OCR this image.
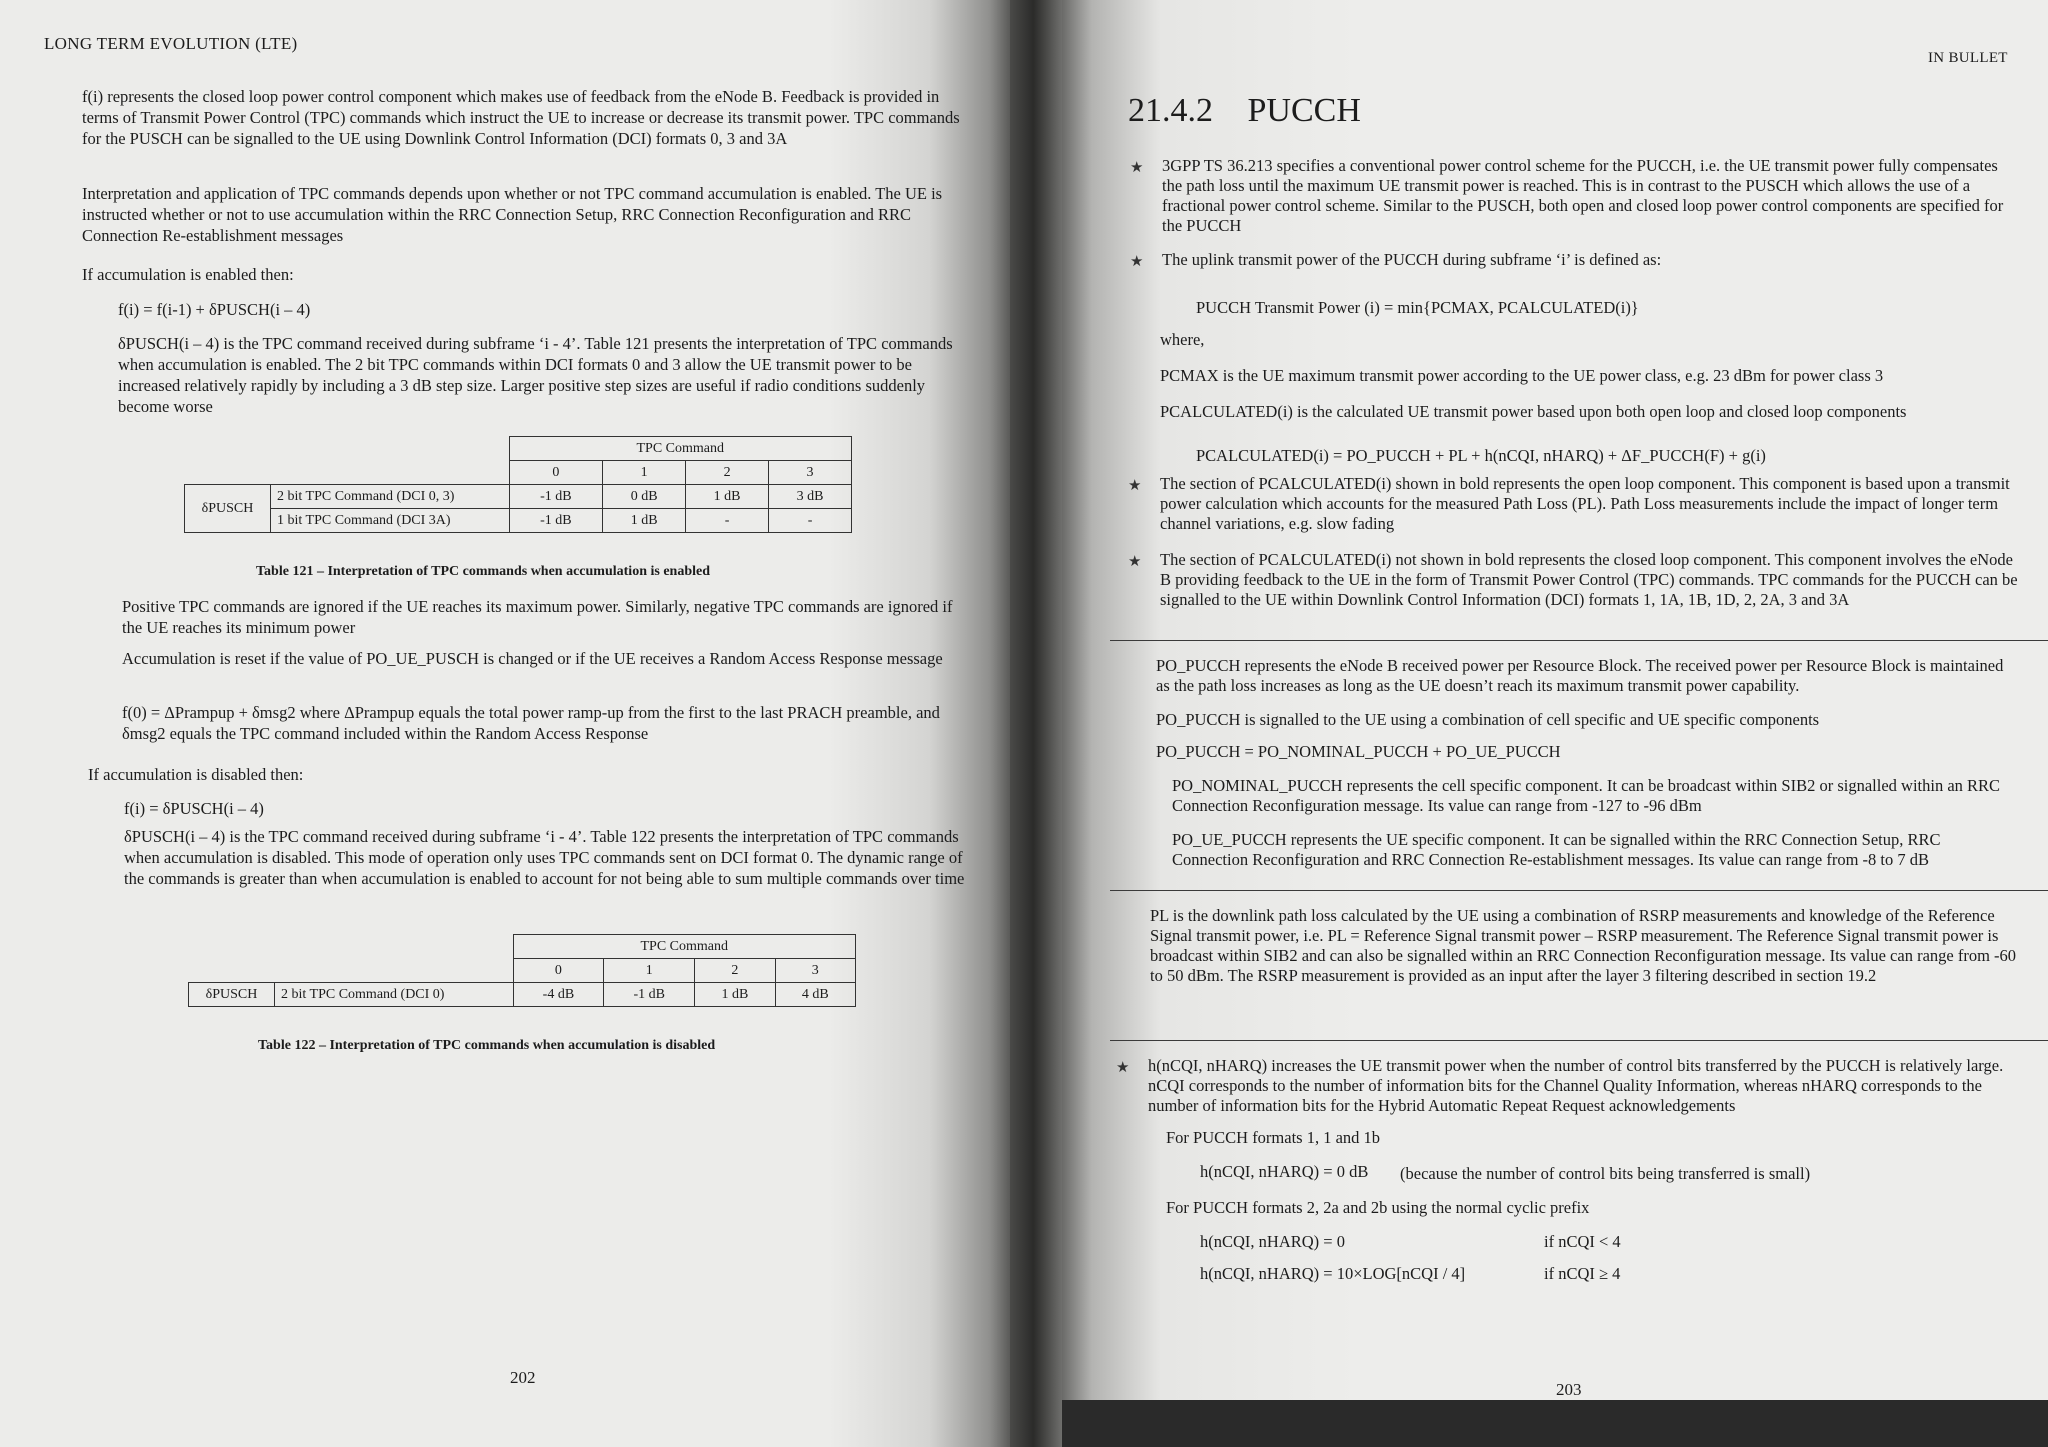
LONG TERM EVOLUTION (LTE)

f(i) represents the closed loop power control component which makes use of feedback from the eNode B. Feedback is provided in terms of Transmit Power Control (TPC) commands which instruct the UE to increase or decrease its transmit power. TPC commands for the PUSCH can be signalled to the UE using Downlink Control Information (DCI) formats 0, 3 and 3A

Interpretation and application of TPC commands depends upon whether or not TPC command accumulation is enabled. The UE is instructed whether or not to use accumulation within the RRC Connection Setup, RRC Connection Reconfiguration and RRC Connection Re-establishment messages

If accumulation is enabled then:

f(i) = f(i-1) + δPUSCH(i – 4)

δPUSCH(i – 4) is the TPC command received during subframe ‘i - 4’. Table 121 presents the interpretation of TPC commands when accumulation is enabled. The 2 bit TPC commands within DCI formats 0 and 3 allow the UE transmit power to be increased relatively rapidly by including a 3 dB step size. Larger positive step sizes are useful if radio conditions suddenly become worse

		TPC Command			
		0	1	2	3
δPUSCH	2 bit TPC Command (DCI 0, 3)	-1 dB	0 dB	1 dB	3 dB
	1 bit TPC Command (DCI 3A)	-1 dB	1 dB	-	-
Table 121 – Interpretation of TPC commands when accumulation is enabled

Positive TPC commands are ignored if the UE reaches its maximum power. Similarly, negative TPC commands are ignored if the UE reaches its minimum power

Accumulation is reset if the value of PO_UE_PUSCH is changed or if the UE receives a Random Access Response message

f(0) = ΔPrampup + δmsg2 where ΔPrampup equals the total power ramp-up from the first to the last PRACH preamble, and δmsg2 equals the TPC command included within the Random Access Response

If accumulation is disabled then:

f(i) = δPUSCH(i – 4)

δPUSCH(i – 4) is the TPC command received during subframe ‘i - 4’. Table 122 presents the interpretation of TPC commands when accumulation is disabled. This mode of operation only uses TPC commands sent on DCI format 0. The dynamic range of the commands is greater than when accumulation is enabled to account for not being able to sum multiple commands over time

		TPC Command			
		0	1	2	3
δPUSCH	2 bit TPC Command (DCI 0)	-4 dB	-1 dB	1 dB	4 dB
Table 122 – Interpretation of TPC commands when accumulation is disabled
202
IN BULLET
21.4.2 PUCCH
★ 3GPP TS 36.213 specifies a conventional power control scheme for the PUCCH, i.e. the UE transmit power fully compensates the path loss until the maximum UE transmit power is reached. This is in contrast to the PUSCH which allows the use of a fractional power control scheme. Similar to the PUSCH, both open and closed loop power control components are specified for the PUCCH
★ The uplink transmit power of the PUCCH during subframe ‘i’ is defined as:
PUCCH Transmit Power (i) = min{PCMAX, PCALCULATED(i)}
where,
PCMAX is the UE maximum transmit power according to the UE power class, e.g. 23 dBm for power class 3
PCALCULATED(i) is the calculated UE transmit power based upon both open loop and closed loop components
PCALCULATED(i) = PO_PUCCH + PL + h(nCQI, nHARQ) + ΔF_PUCCH(F) + g(i)
★ The section of PCALCULATED(i) shown in bold represents the open loop component. This component is based upon a transmit power calculation which accounts for the measured Path Loss (PL). Path Loss measurements include the impact of longer term channel variations, e.g. slow fading
★ The section of PCALCULATED(i) not shown in bold represents the closed loop component. This component involves the eNode B providing feedback to the UE in the form of Transmit Power Control (TPC) commands. TPC commands for the PUCCH can be signalled to the UE within Downlink Control Information (DCI) formats 1, 1A, 1B, 1D, 2, 2A, 3 and 3A
PO_PUCCH represents the eNode B received power per Resource Block. The received power per Resource Block is maintained as the path loss increases as long as the UE doesn’t reach its maximum transmit power capability.
PO_PUCCH is signalled to the UE using a combination of cell specific and UE specific components
PO_PUCCH = PO_NOMINAL_PUCCH + PO_UE_PUCCH
PO_NOMINAL_PUCCH represents the cell specific component. It can be broadcast within SIB2 or signalled within an RRC Connection Reconfiguration message. Its value can range from -127 to -96 dBm
PO_UE_PUCCH represents the UE specific component. It can be signalled within the RRC Connection Setup, RRC Connection Reconfiguration and RRC Connection Re-establishment messages. Its value can range from -8 to 7 dB
PL is the downlink path loss calculated by the UE using a combination of RSRP measurements and knowledge of the Reference Signal transmit power, i.e. PL = Reference Signal transmit power – RSRP measurement. The Reference Signal transmit power is broadcast within SIB2 and can also be signalled within an RRC Connection Reconfiguration message. Its value can range from -60 to 50 dBm. The RSRP measurement is provided as an input after the layer 3 filtering described in section 19.2
★ h(nCQI, nHARQ) increases the UE transmit power when the number of control bits transferred by the PUCCH is relatively large. nCQI corresponds to the number of information bits for the Channel Quality Information, whereas nHARQ corresponds to the number of information bits for the Hybrid Automatic Repeat Request acknowledgements
For PUCCH formats 1, 1 and 1b
h(nCQI, nHARQ) = 0 dB	(because the number of control bits being transferred is small)
For PUCCH formats 2, 2a and 2b using the normal cyclic prefix
h(nCQI, nHARQ) = 0	if nCQI < 4
h(nCQI, nHARQ) = 10×LOG[nCQI / 4]	if nCQI ≥ 4
203
